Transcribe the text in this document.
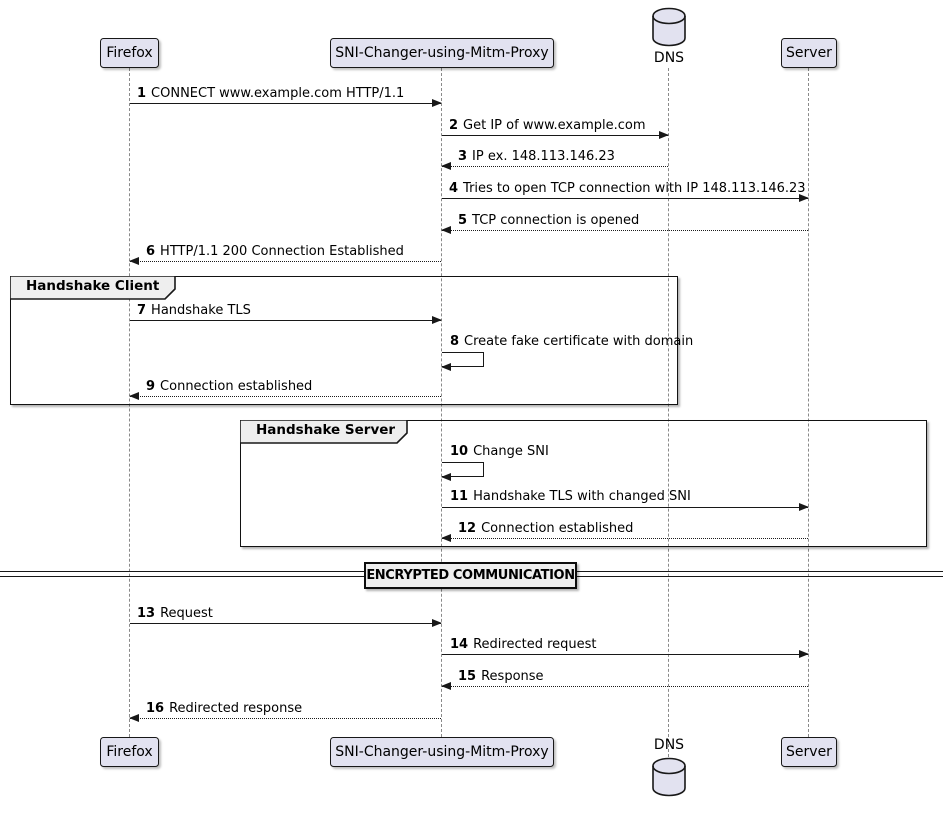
Firefox	SNI-Changer-using-Mitm-Proxy	DNS	Server
Handshake Client
Handshake Server
ENCRYPTED COMMUNICATION
1 CONNECT www.example.com HTTP/1.1
2 Get IP of www.example.com
3 IP ex. 148.113.146.23
4 Tries to open TCP connection with IP 148.113.146.23
5 TCP connection is opened
6 HTTP/1.1 200 Connection Established
7 Handshake TLS
8 Create fake certificate with domain
9 Connection established
10 Change SNI
11 Handshake TLS with changed SNI
12 Connection established
13 Request
14 Redirected request
15 Response
16 Redirected response
Firefox	SNI-Changer-using-Mitm-Proxy	DNS	Server
